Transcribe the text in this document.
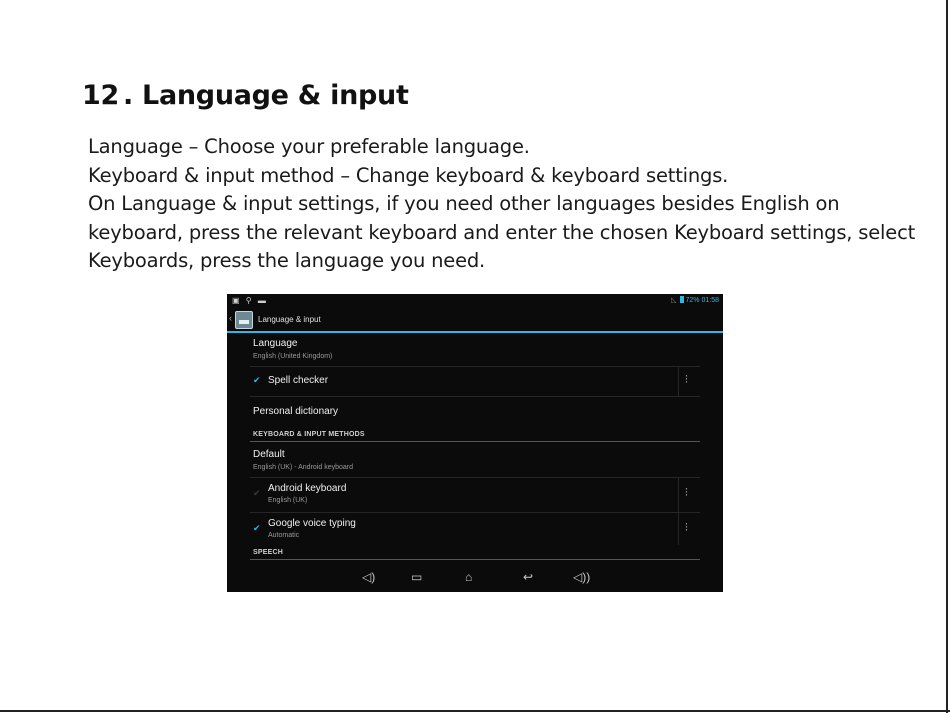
12 . Language & input

Language – Choose your preferable language.

Keyboard & input method – Change keyboard & keyboard settings.

On Language & input settings, if you need other languages besides English on

keyboard, press the relevant keyboard and enter the chosen Keyboard settings, select

Keyboards, press the language you need.

▣ ⚲ ▬	◺ 72% 01:58
‹	Language & input
Language
English (United Kingdom)
✔ Spell checker	⫶
Personal dictionary
KEYBOARD & INPUT METHODS
Default
English (UK) - Android keyboard
✔ Android keyboard
English (UK)
⫶
✔ Google voice typing
Automatic
⫶
SPEECH
◁)	▭	⌂	↩	◁))
